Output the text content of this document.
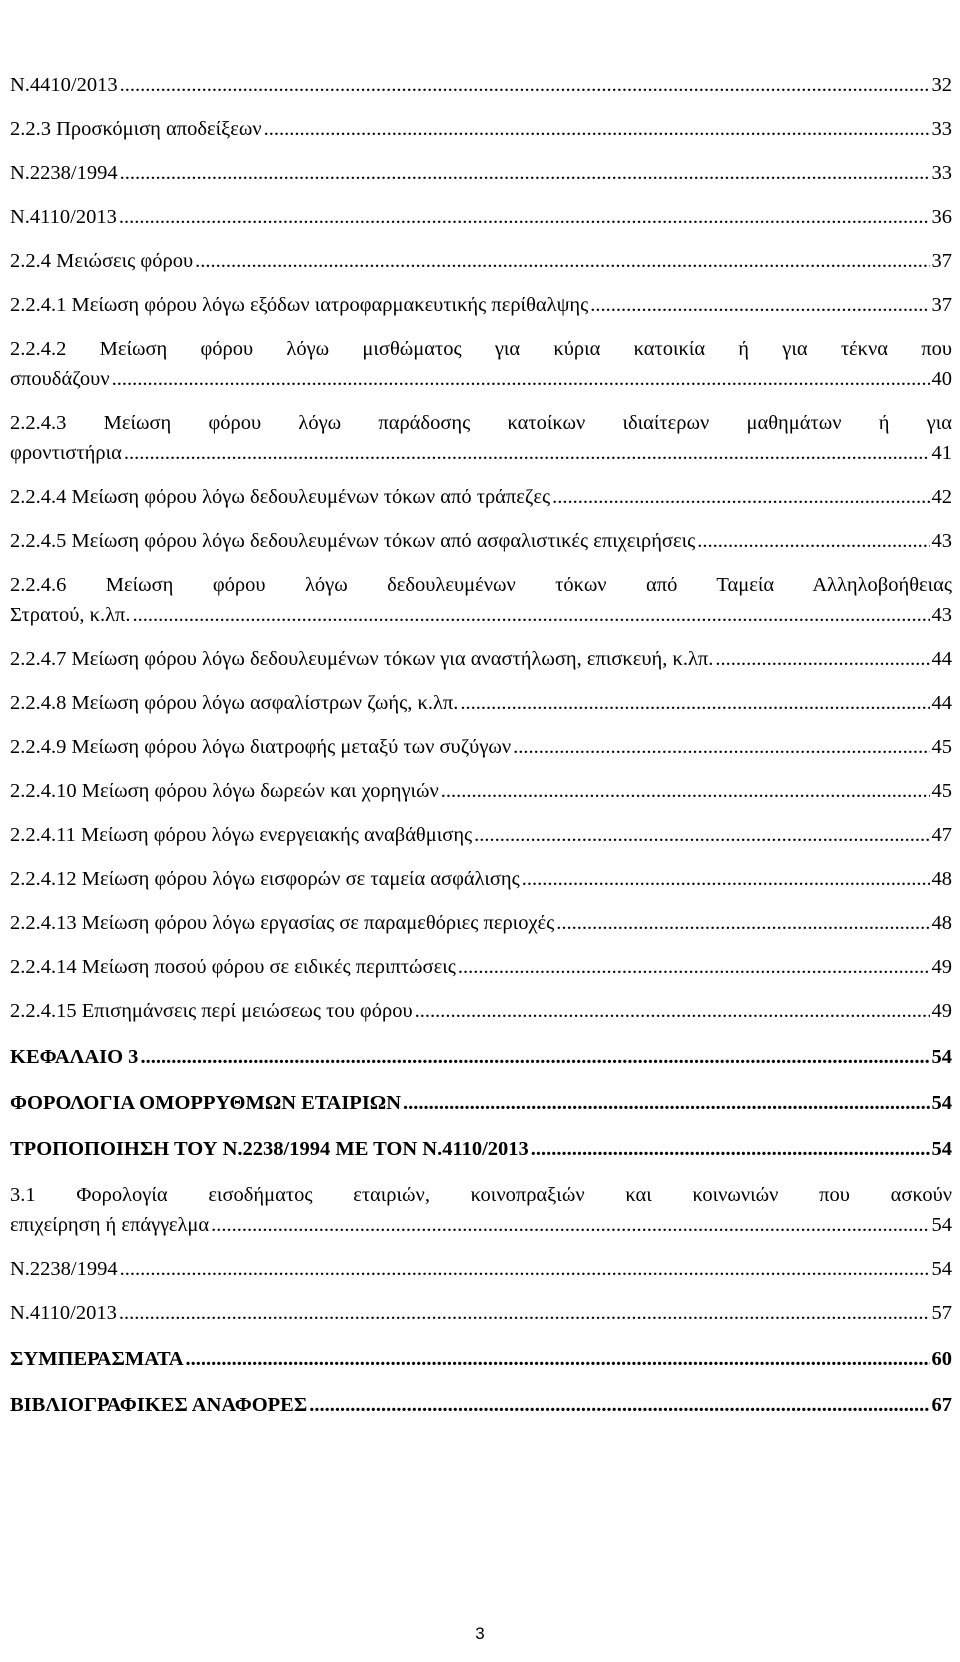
Ν.4410/2013 .....	32
2.2.3 Προσκόμιση αποδείξεων .....	33
Ν.2238/1994 .....	33
Ν.4110/2013 .....	36
2.2.4 Μειώσεις φόρου .....	37
2.2.4.1 Μείωση φόρου λόγω εξόδων ιατροφαρμακευτικής περίθαλψης .....	37
2.2.4.2 Μείωση φόρου λόγω μισθώματος για κύρια κατοικία ή για τέκνα που
σπουδάζουν .....	40
2.2.4.3 Μείωση φόρου λόγω παράδοσης κατοίκων ιδιαίτερων μαθημάτων ή για
φροντιστήρια .....	41
2.2.4.4 Μείωση φόρου λόγω δεδουλευμένων τόκων από τράπεζες .....	42
2.2.4.5 Μείωση φόρου λόγω δεδουλευμένων τόκων από ασφαλιστικές επιχειρήσεις .....	43
2.2.4.6 Μείωση φόρου λόγω δεδουλευμένων τόκων από Ταμεία Αλληλοβοήθειας
Στρατού, κ.λπ. .....	43
2.2.4.7 Μείωση φόρου λόγω δεδουλευμένων τόκων για αναστήλωση, επισκευή, κ.λπ. .....	44
2.2.4.8 Μείωση φόρου λόγω ασφαλίστρων ζωής, κ.λπ. .....	44
2.2.4.9 Μείωση φόρου λόγω διατροφής μεταξύ των συζύγων .....	45
2.2.4.10 Μείωση φόρου λόγω δωρεών και χορηγιών .....	45
2.2.4.11 Μείωση φόρου λόγω ενεργειακής αναβάθμισης .....	47
2.2.4.12 Μείωση φόρου λόγω εισφορών σε ταμεία ασφάλισης .....	48
2.2.4.13 Μείωση φόρου λόγω εργασίας σε παραμεθόριες περιοχές .....	48
2.2.4.14 Μείωση ποσού φόρου σε ειδικές περιπτώσεις .....	49
2.2.4.15 Επισημάνσεις περί μειώσεως του φόρου .....	49
ΚΕΦΑΛΑΙΟ 3 .....	54
ΦΟΡΟΛΟΓΙΑ ΟΜΟΡΡΥΘΜΩΝ ΕΤΑΙΡΙΩΝ .....	54
ΤΡΟΠΟΠΟΙΗΣΗ ΤΟΥ Ν.2238/1994 ΜΕ ΤΟΝ Ν.4110/2013 .....	54
3.1 Φορολογία εισοδήματος εταιριών, κοινοπραξιών και κοινωνιών που ασκούν
επιχείρηση ή επάγγελμα .....	54
Ν.2238/1994 .....	54
Ν.4110/2013 .....	57
ΣΥΜΠΕΡΑΣΜΑΤΑ .....	60
ΒΙΒΛΙΟΓΡΑΦΙΚΕΣ ΑΝΑΦΟΡΕΣ .....	67
3
